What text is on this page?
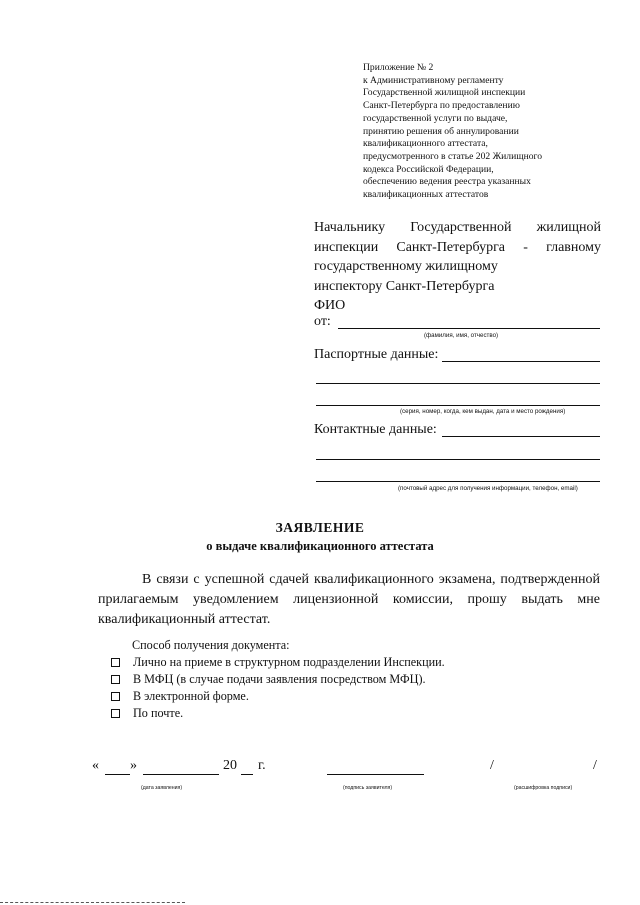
Приложение № 2
к Административному регламенту
Государственной жилищной инспекции
Санкт-Петербурга по предоставлению
государственной услуги по выдаче,
принятию решения об аннулировании
квалификационного аттестата,
предусмотренного в статье 202 Жилищного
кодекса Российской Федерации,
обеспечению ведения реестра указанных
квалификационных аттестатов
Начальнику Государственной жилищной
инспекции Санкт-Петербурга - главному
государственному жилищному
инспектору Санкт-Петербурга
ФИО
от:
(фамилия, имя, отчество)
Паспортные данные:
(серия, номер, когда, кем выдан, дата и место рождения)
Контактные данные:
(почтовый адрес для получения информации, телефон, email)
ЗАЯВЛЕНИЕ
о выдаче квалификационного аттестата
В связи с успешной сдачей квалификационного экзамена, подтвержденной
прилагаемым уведомлением лицензионной комиссии, прошу выдать мне
квалификационный аттестат.
Способ получения документа:
Лично на приеме в структурном подразделении Инспекции.
В МФЦ (в случае подачи заявления посредством МФЦ).
В электронной форме.
По почте.
« »	20 г.	/	/
(дата заявления)	(подпись заявителя)	(расшифровка подписи)
